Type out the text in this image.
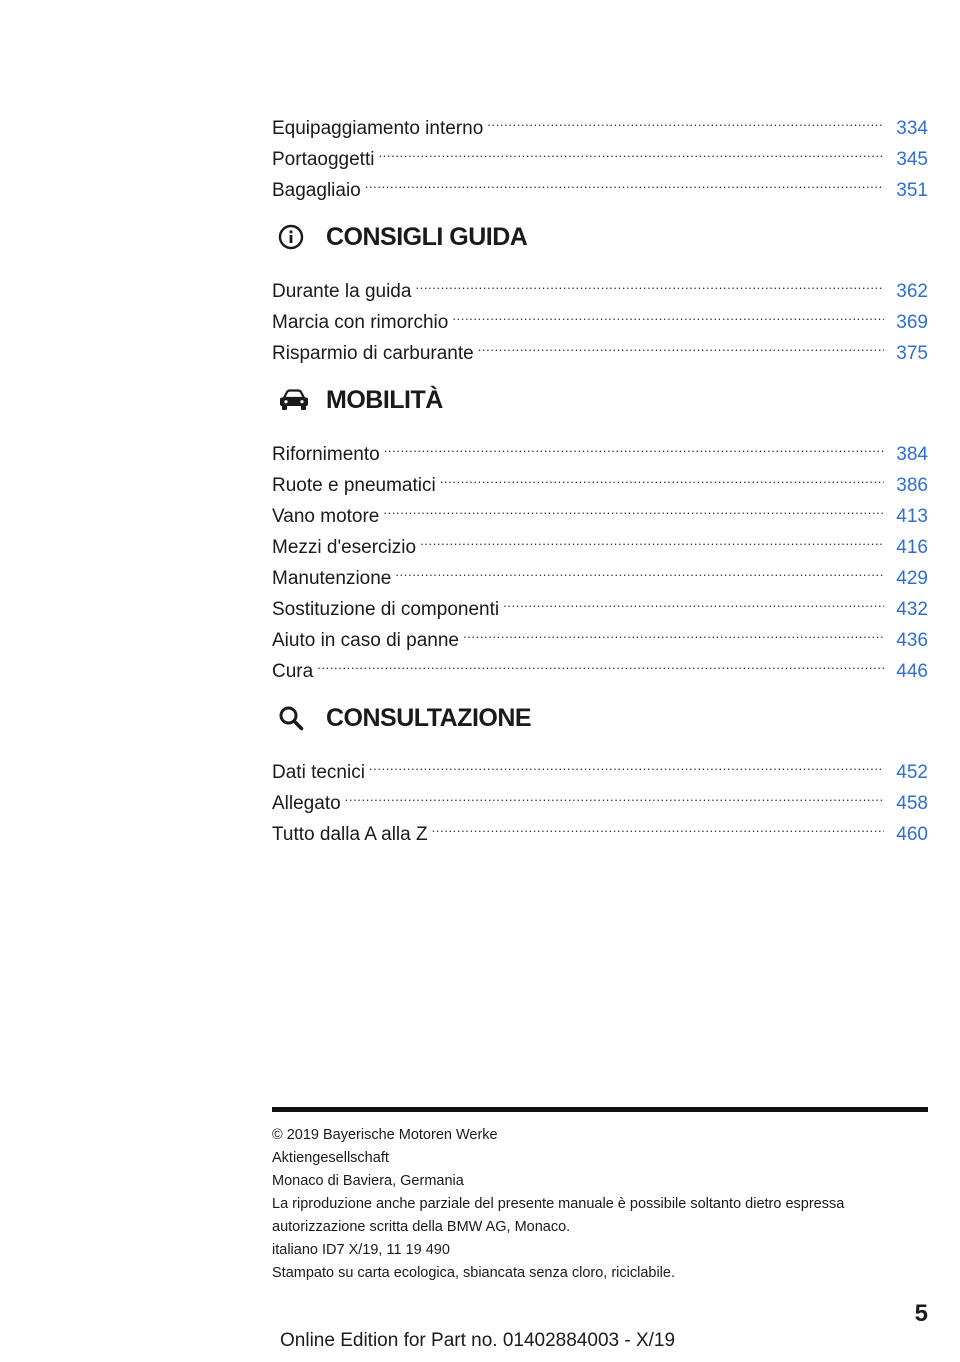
Equipaggiamento interno .....	334
Portaoggetti .....	345
Bagagliaio .....	351
CONSIGLI GUIDA
Durante la guida .....	362
Marcia con rimorchio .....	369
Risparmio di carburante .....	375
MOBILITÀ
Rifornimento .....	384
Ruote e pneumatici .....	386
Vano motore .....	413
Mezzi d'esercizio .....	416
Manutenzione .....	429
Sostituzione di componenti .....	432
Aiuto in caso di panne .....	436
Cura .....	446
CONSULTAZIONE
Dati tecnici .....	452
Allegato .....	458
Tutto dalla A alla Z .....	460
© 2019 Bayerische Motoren Werke
Aktiengesellschaft
Monaco di Baviera, Germania
La riproduzione anche parziale del presente manuale è possibile soltanto dietro espressa
autorizzazione scritta della BMW AG, Monaco.
italiano ID7 X/19, 11 19 490
Stampato su carta ecologica, sbiancata senza cloro, riciclabile.
5
Online Edition for Part no. 01402884003 - X/19
